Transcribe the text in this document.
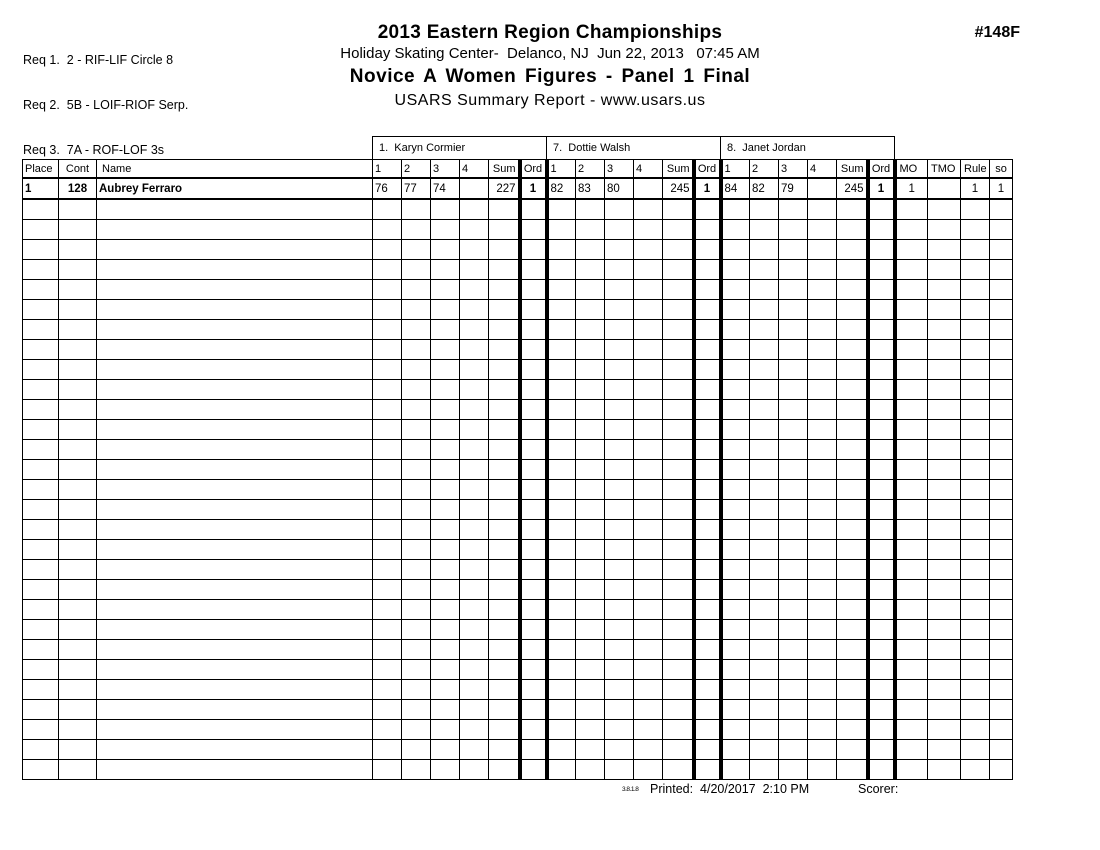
Req 1.  2 - RIF-LIF Circle 8

Req 2.  5B - LOIF-RIOF Serp.

Req 3.  7A - ROF-LOF 3s

2013 Eastern Region Championships
Holiday Skating Center-  Delanco, NJ  Jun 22, 2013   07:45 AM
Novice A Women Figures - Panel 1 Final
USARS Summary Report - www.usars.us
#148F
			1.  Karyn Cormier						7.  Dottie Walsh						8.  Janet Jordan									
Place	Cont	Name	1	2	3	4	Sum	Ord	1	2	3	4	Sum	Ord	1	2	3	4	Sum	Ord	MO	TMO	Rule	so
1	128	Aubrey Ferraro	76	77	74		227	1	82	83	80		245	1	84	82	79		245	1	1		1	1

3.8.1.8 Printed:  4/20/2017  2:10 PM	Scorer:
